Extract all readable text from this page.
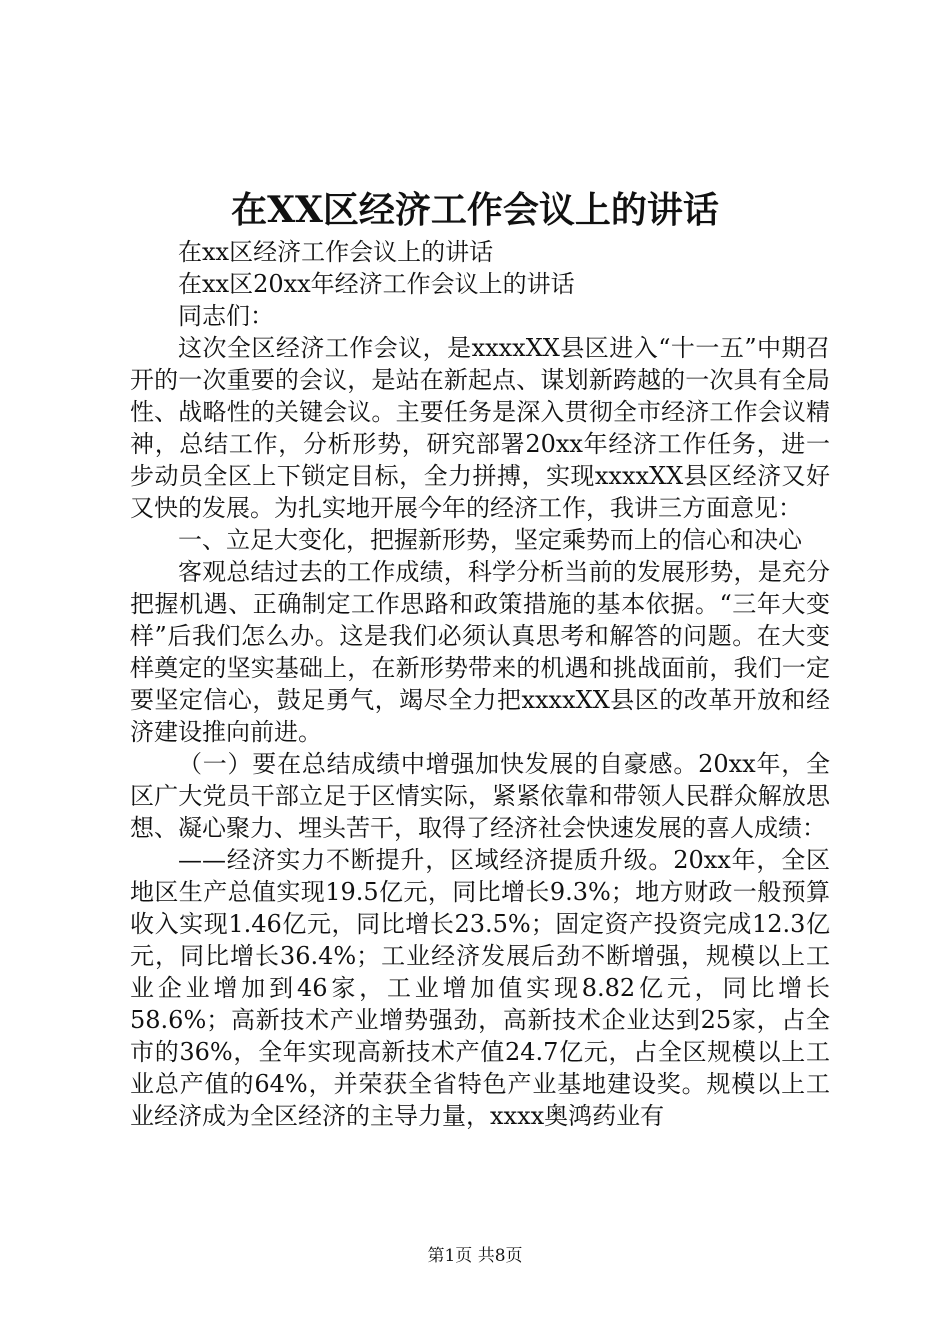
在XX区经济工作会议上的讲话

在xx区经济工作会议上的讲话

在xx区20xx年经济工作会议上的讲话

同志们：

这次全区经济工作会议，是xxxxXX县区进入“十一五”中期召开的一次重要的会议，是站在新起点、谋划新跨越的一次具有全局性、战略性的关键会议。主要任务是深入贯彻全市经济工作会议精神，总结工作，分析形势，研究部署20xx年经济工作任务，进一步动员全区上下锁定目标，全力拼搏，实现xxxxXX县区经济又好又快的发展。为扎实地开展今年的经济工作，我讲三方面意见：

一、立足大变化，把握新形势，坚定乘势而上的信心和决心

客观总结过去的工作成绩，科学分析当前的发展形势，是充分把握机遇、正确制定工作思路和政策措施的基本依据。“三年大变样”后我们怎么办。这是我们必须认真思考和解答的问题。在大变样奠定的坚实基础上，在新形势带来的机遇和挑战面前，我们一定要坚定信心，鼓足勇气，竭尽全力把xxxxXX县区的改革开放和经济建设推向前进。

（一）要在总结成绩中增强加快发展的自豪感。20xx年，全区广大党员干部立足于区情实际，紧紧依靠和带领人民群众解放思想、凝心聚力、埋头苦干，取得了经济社会快速发展的喜人成绩：

——经济实力不断提升，区域经济提质升级。20xx年，全区地区生产总值实现19.5亿元，同比增长9.3%；地方财政一般预算收入实现1.46亿元，同比增长23.5%；固定资产投资完成12.3亿元，同比增长36.4%；工业经济发展后劲不断增强，规模以上工业企业增加到46家，工业增加值实现8.82亿元，同比增长58.6%；高新技术产业增势强劲，高新技术企业达到25家，占全市的36%，全年实现高新技术产值24.7亿元，占全区规模以上工业总产值的64%，并荣获全省特色产业基地建设奖。规模以上工业经济成为全区经济的主导力量，xxxx奥鸿药业有

第1页 共8页
